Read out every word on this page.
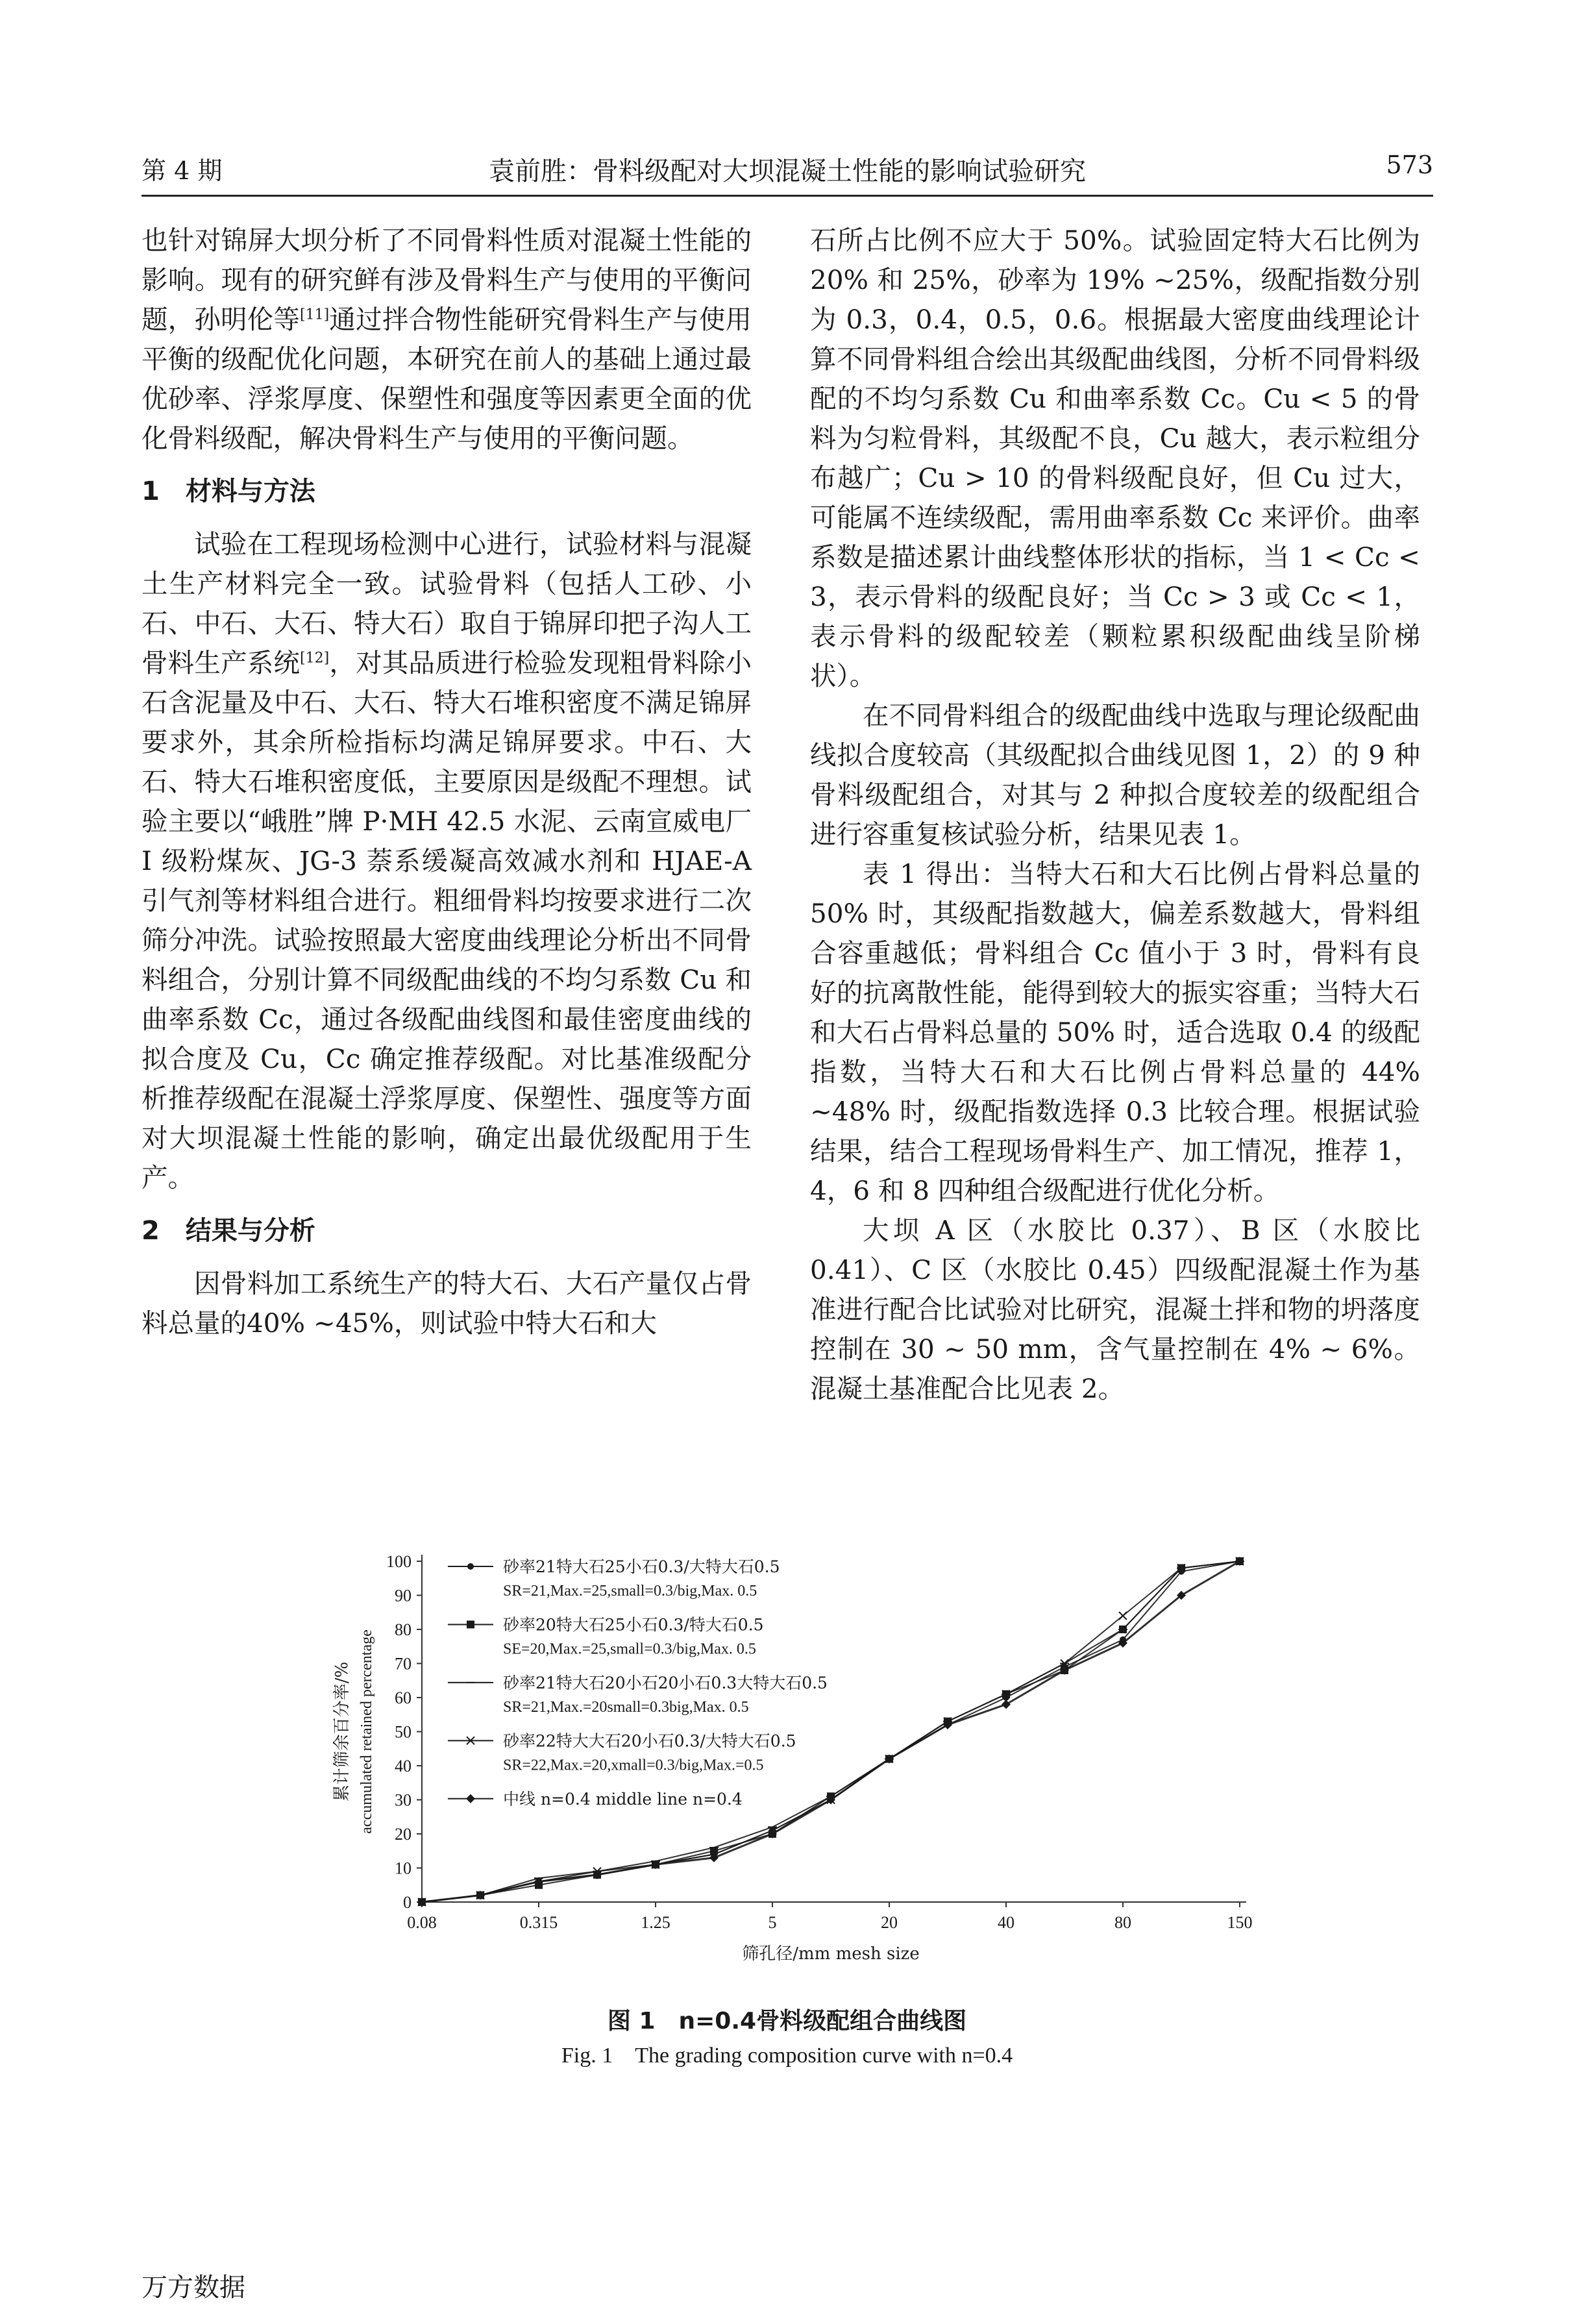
第 4 期	袁前胜：骨料级配对大坝混凝土性能的影响试验研究	573

也针对锦屏大坝分析了不同骨料性质对混凝土性能的影响。现有的研究鲜有涉及骨料生产与使用的平衡问题，孙明伦等[11]通过拌合物性能研究骨料生产与使用平衡的级配优化问题，本研究在前人的基础上通过最优砂率、浮浆厚度、保塑性和强度等因素更全面的优化骨料级配，解决骨料生产与使用的平衡问题。

1　材料与方法

试验在工程现场检测中心进行，试验材料与混凝土生产材料完全一致。试验骨料（包括人工砂、小石、中石、大石、特大石）取自于锦屏印把子沟人工骨料生产系统[12]，对其品质进行检验发现粗骨料除小石含泥量及中石、大石、特大石堆积密度不满足锦屏要求外，其余所检指标均满足锦屏要求。中石、大石、特大石堆积密度低，主要原因是级配不理想。试验主要以“峨胜”牌 P·MH 42.5 水泥、云南宣威电厂 I 级粉煤灰、JG-3 萘系缓凝高效减水剂和 HJAE-A 引气剂等材料组合进行。粗细骨料均按要求进行二次筛分冲洗。试验按照最大密度曲线理论分析出不同骨料组合，分别计算不同级配曲线的不均匀系数 Cu 和曲率系数 Cc，通过各级配曲线图和最佳密度曲线的拟合度及 Cu，Cc 确定推荐级配。对比基准级配分析推荐级配在混凝土浮浆厚度、保塑性、强度等方面对大坝混凝土性能的影响，确定出最优级配用于生产。

2　结果与分析

因骨料加工系统生产的特大石、大石产量仅占骨料总量的40% ~45%，则试验中特大石和大

石所占比例不应大于 50%。试验固定特大石比例为 20% 和 25%，砂率为 19% ~25%，级配指数分别为 0.3，0.4，0.5，0.6。根据最大密度曲线理论计算不同骨料组合绘出其级配曲线图，分析不同骨料级配的不均匀系数 Cu 和曲率系数 Cc。Cu < 5 的骨料为匀粒骨料，其级配不良，Cu 越大，表示粒组分布越广；Cu > 10 的骨料级配良好，但 Cu 过大，可能属不连续级配，需用曲率系数 Cc 来评价。曲率系数是描述累计曲线整体形状的指标，当 1 < Cc < 3，表示骨料的级配良好；当 Cc > 3 或 Cc < 1，表示骨料的级配较差（颗粒累积级配曲线呈阶梯状）。

在不同骨料组合的级配曲线中选取与理论级配曲线拟合度较高（其级配拟合曲线见图 1，2）的 9 种骨料级配组合，对其与 2 种拟合度较差的级配组合进行容重复核试验分析，结果见表 1。

表 1 得出：当特大石和大石比例占骨料总量的 50% 时，其级配指数越大，偏差系数越大，骨料组合容重越低；骨料组合 Cc 值小于 3 时，骨料有良好的抗离散性能，能得到较大的振实容重；当特大石和大石占骨料总量的 50% 时，适合选取 0.4 的级配指数，当特大石和大石比例占骨料总量的 44% ~48% 时，级配指数选择 0.3 比较合理。根据试验结果，结合工程现场骨料生产、加工情况，推荐 1，4，6 和 8 四种组合级配进行优化分析。

大坝 A 区（水胶比 0.37）、B 区（水胶比 0.41）、C 区（水胶比 0.45）四级配混凝土作为基准进行配合比试验对比研究，混凝土拌和物的坍落度控制在 30 ~ 50 mm，含气量控制在 4% ~ 6%。混凝土基准配合比见表 2。

0
10
20
30
40
50
60
70
80
90
100
0.08	0.315	1.25	5	20	40	80	150
筛孔径/mm mesh size
累计筛余百分率/% accumulated retained percentage
砂率21特大石25小石0.3/大特大石0.5
SR=21,Max.=25,small=0.3/big,Max. 0.5
砂率20特大石25小石0.3/特大石0.5
SE=20,Max.=25,small=0.3/big,Max. 0.5
砂率21特大石20小石20小石0.3大特大石0.5
SR=21,Max.=20small=0.3big,Max. 0.5
砂率22特大大石20小石0.3/大特大石0.5
SR=22,Max.=20,xmall=0.3/big,Max.=0.5
中线 n=0.4 middle line n=0.4
图 1　n=0.4骨料级配组合曲线图
Fig. 1　The grading composition curve with n=0.4
万方数据
